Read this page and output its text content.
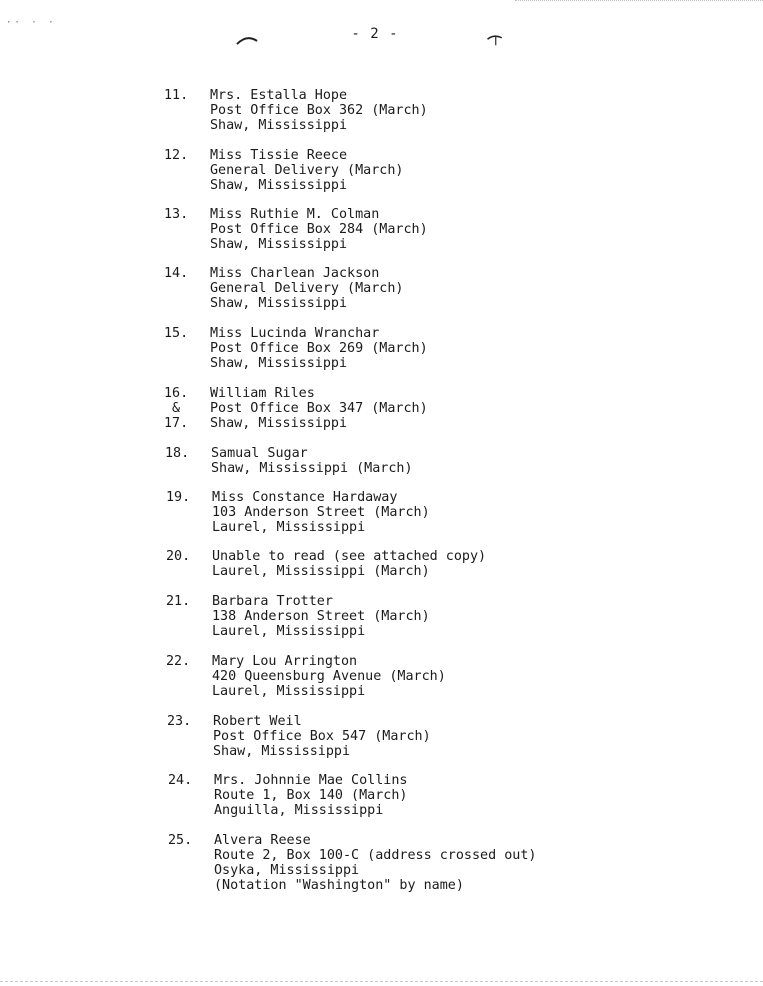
·· · ·
- 2 -
11. Mrs. Estalla Hope
Post Office Box 362 (March)
Shaw, Mississippi
12. Miss Tissie Reece
General Delivery (March)
Shaw, Mississippi
13. Miss Ruthie M. Colman
Post Office Box 284 (March)
Shaw, Mississippi
14. Miss Charlean Jackson
General Delivery (March)
Shaw, Mississippi
15. Miss Lucinda Wranchar
Post Office Box 269 (March)
Shaw, Mississippi
16.
&
17.
William Riles
Post Office Box 347 (March)
Shaw, Mississippi
18. Samual Sugar
Shaw, Mississippi (March)
19. Miss Constance Hardaway
103 Anderson Street (March)
Laurel, Mississippi
20. Unable to read (see attached copy)
Laurel, Mississippi (March)
21. Barbara Trotter
138 Anderson Street (March)
Laurel, Mississippi
22. Mary Lou Arrington
420 Queensburg Avenue (March)
Laurel, Mississippi
23. Robert Weil
Post Office Box 547 (March)
Shaw, Mississippi
24. Mrs. Johnnie Mae Collins
Route 1, Box 140 (March)
Anguilla, Mississippi
25. Alvera Reese
Route 2, Box 100-C (address crossed out)
Osyka, Mississippi
(Notation "Washington" by name)
